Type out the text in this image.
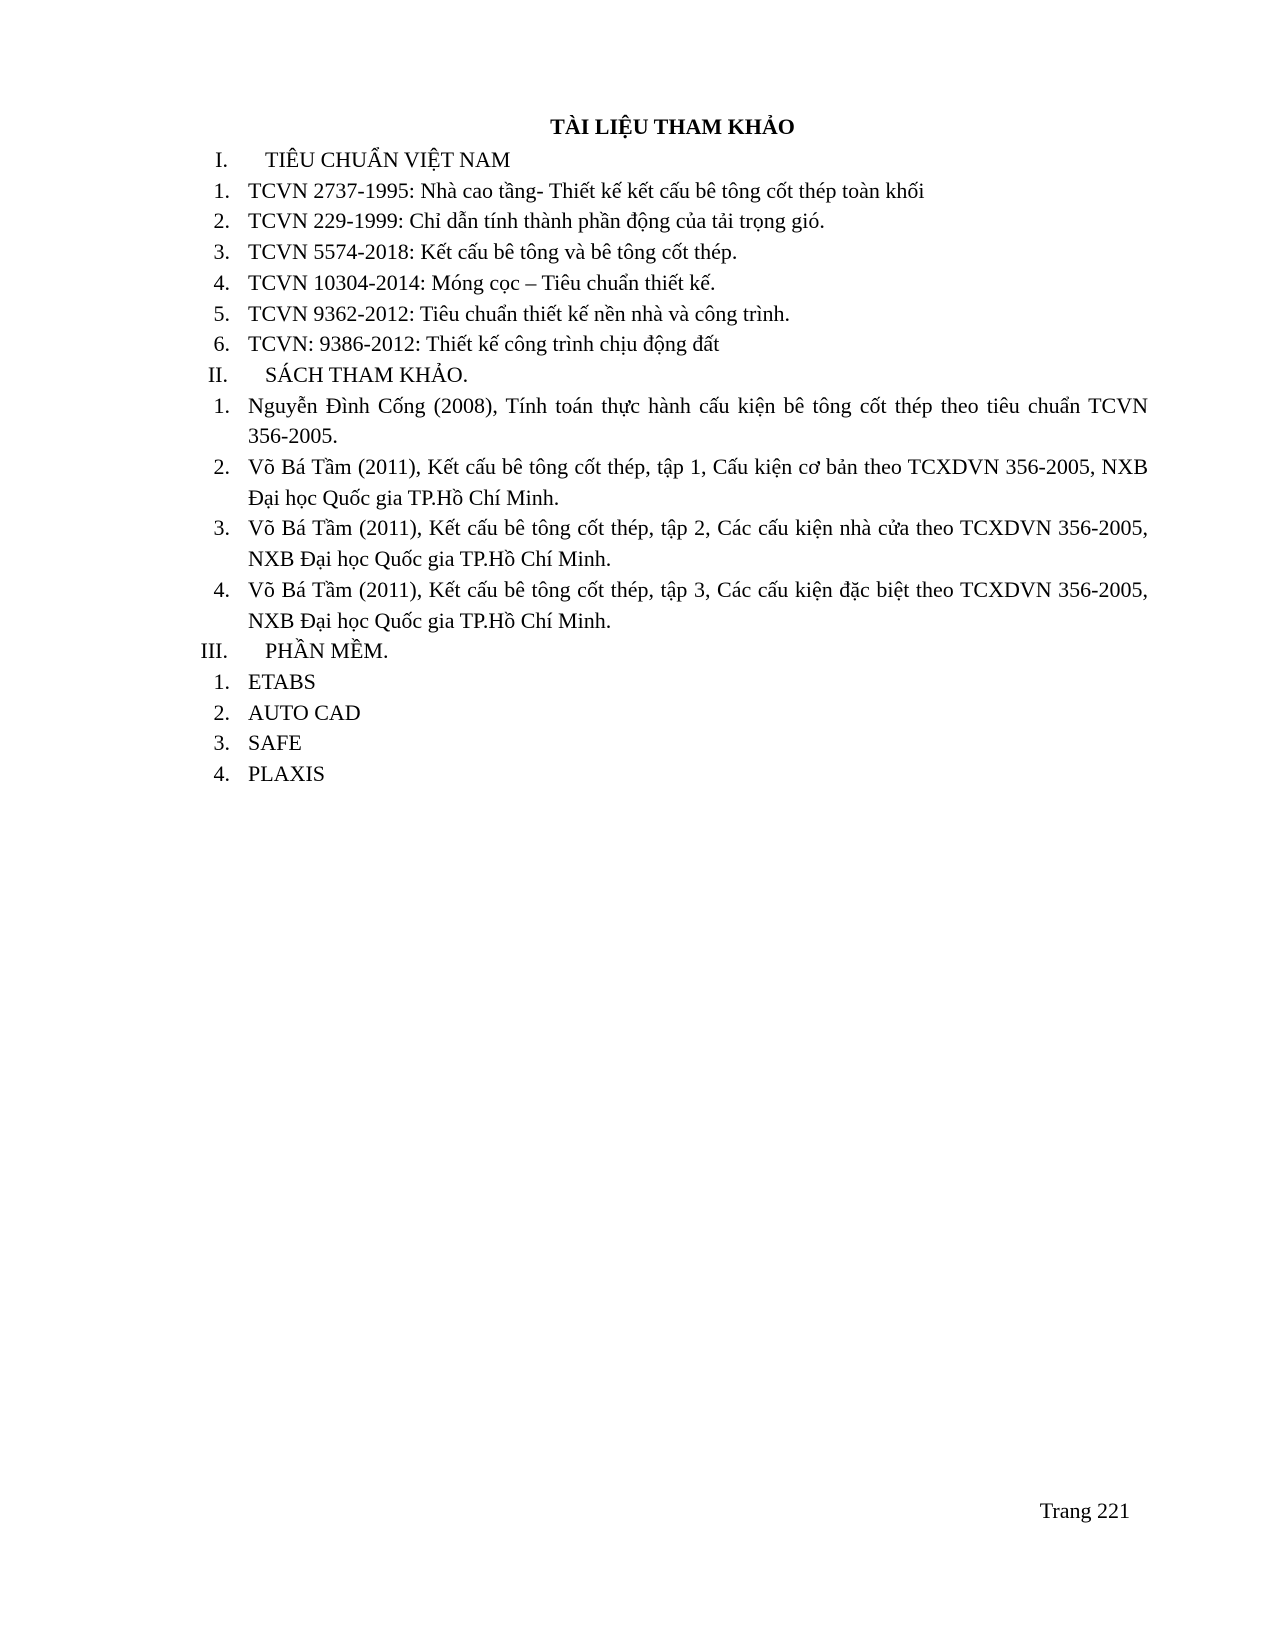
TÀI LIỆU THAM KHẢO
I. TIÊU CHUẨN VIỆT NAM
1. TCVN 2737-1995: Nhà cao tầng- Thiết kế kết cấu bê tông cốt thép toàn khối
2. TCVN 229-1999: Chỉ dẫn tính thành phần động của tải trọng gió.
3. TCVN 5574-2018: Kết cấu bê tông và bê tông cốt thép.
4. TCVN 10304-2014: Móng cọc – Tiêu chuẩn thiết kế.
5. TCVN 9362-2012: Tiêu chuẩn thiết kế nền nhà và công trình.
6. TCVN: 9386-2012: Thiết kế công trình chịu động đất
II. SÁCH THAM KHẢO.
1. Nguyễn Đình Cống (2008), Tính toán thực hành cấu kiện bê tông cốt thép theo tiêu chuẩn TCVN 356-2005.
2. Võ Bá Tầm (2011), Kết cấu bê tông cốt thép, tập 1, Cấu kiện cơ bản theo TCXDVN 356-2005, NXB Đại học Quốc gia TP.Hồ Chí Minh.
3. Võ Bá Tầm (2011), Kết cấu bê tông cốt thép, tập 2, Các cấu kiện nhà cửa theo TCXDVN 356-2005, NXB Đại học Quốc gia TP.Hồ Chí Minh.
4. Võ Bá Tầm (2011), Kết cấu bê tông cốt thép, tập 3, Các cấu kiện đặc biệt theo TCXDVN 356-2005, NXB Đại học Quốc gia TP.Hồ Chí Minh.
III. PHẦN MỀM.
1. ETABS
2. AUTO CAD
3. SAFE
4. PLAXIS
Trang 221
